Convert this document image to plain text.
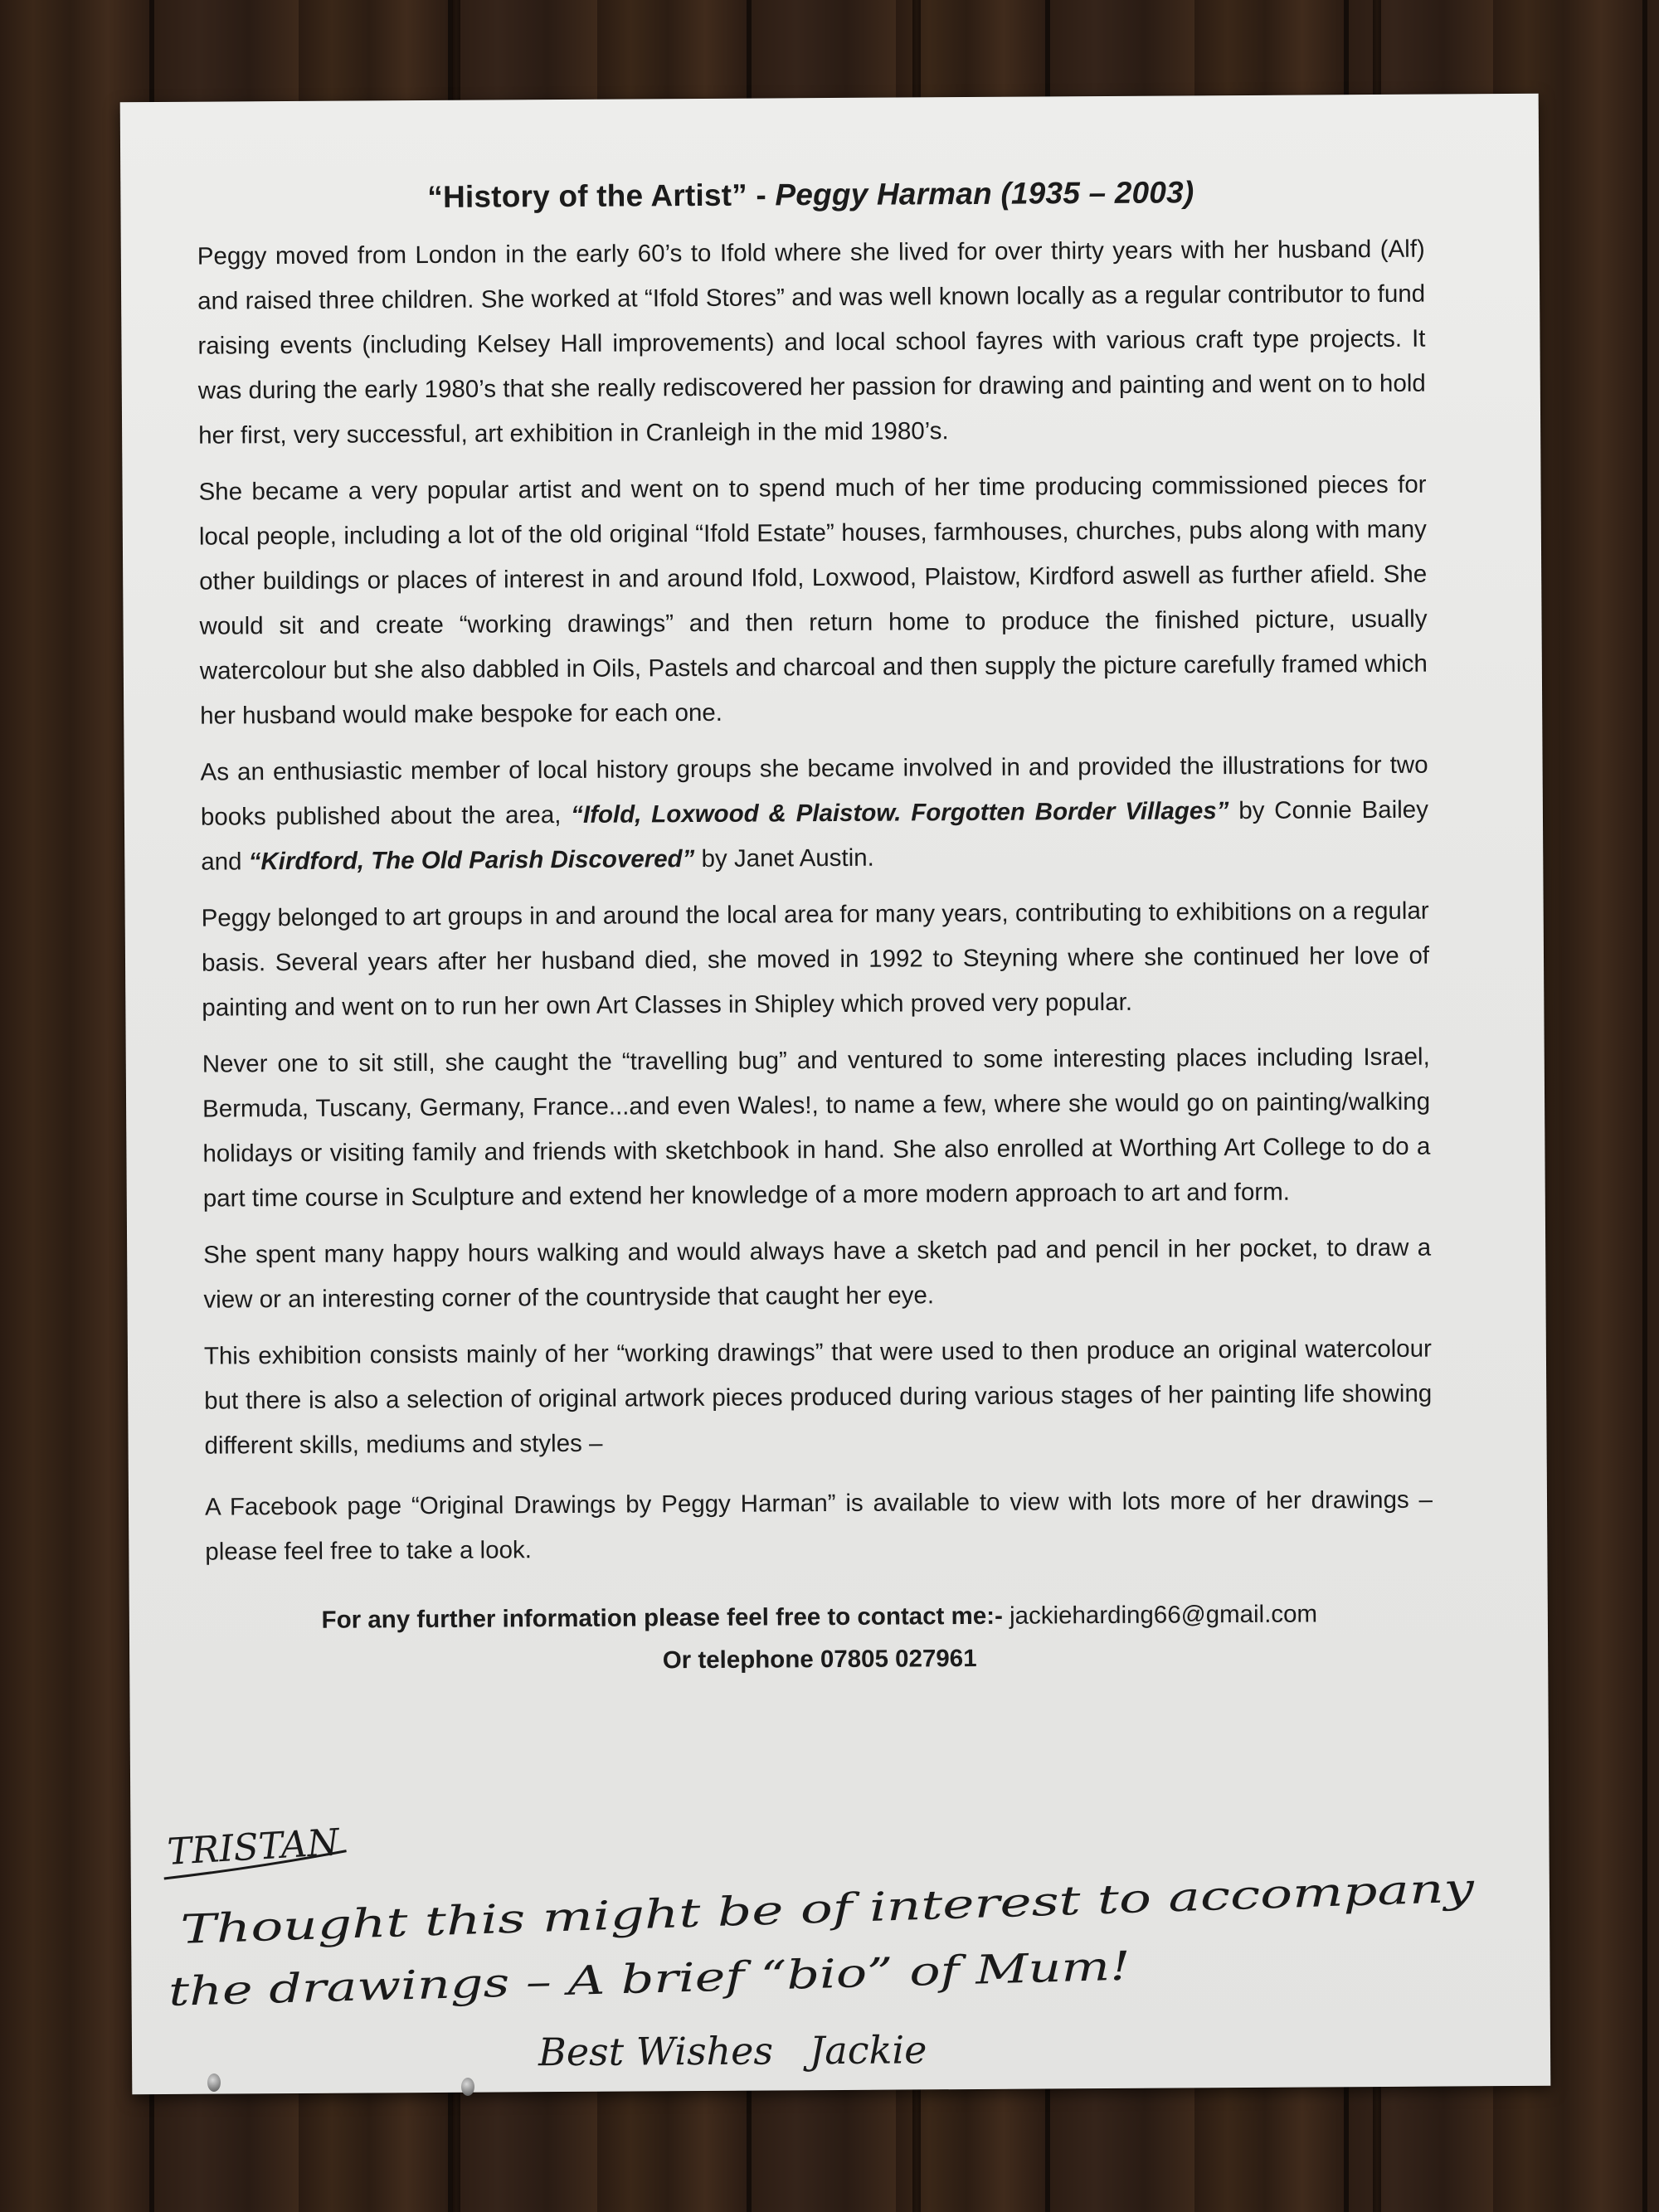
“History of the Artist” - Peggy Harman (1935 – 2003)

Peggy moved from London in the early 60’s to Ifold where she lived for over thirty years with her husband (Alf) and raised three children. She worked at “Ifold Stores” and was well known locally as a regular contributor to fund raising events (including Kelsey Hall improvements) and local school fayres with various craft type projects. It was during the early 1980’s that she really rediscovered her passion for drawing and painting and went on to hold her first, very successful, art exhibition in Cranleigh in the mid 1980’s.

She became a very popular artist and went on to spend much of her time producing commissioned pieces for local people, including a lot of the old original “Ifold Estate” houses, farmhouses, churches, pubs along with many other buildings or places of interest in and around Ifold, Loxwood, Plaistow, Kirdford aswell as further afield. She would sit and create “working drawings” and then return home to produce the finished picture, usually watercolour but she also dabbled in Oils, Pastels and charcoal and then supply the picture carefully framed which her husband would make bespoke for each one.

As an enthusiastic member of local history groups she became involved in and provided the illustrations for two books published about the area, “Ifold, Loxwood & Plaistow. Forgotten Border Villages” by Connie Bailey and “Kirdford, The Old Parish Discovered” by Janet Austin.

Peggy belonged to art groups in and around the local area for many years, contributing to exhibitions on a regular basis. Several years after her husband died, she moved in 1992 to Steyning where she continued her love of painting and went on to run her own Art Classes in Shipley which proved very popular.

Never one to sit still, she caught the “travelling bug” and ventured to some interesting places including Israel, Bermuda, Tuscany, Germany, France...and even Wales!, to name a few, where she would go on painting/walking holidays or visiting family and friends with sketchbook in hand. She also enrolled at Worthing Art College to do a part time course in Sculpture and extend her knowledge of a more modern approach to art and form.

She spent many happy hours walking and would always have a sketch pad and pencil in her pocket, to draw a view or an interesting corner of the countryside that caught her eye.

This exhibition consists mainly of her “working drawings” that were used to then produce an original watercolour but there is also a selection of original artwork pieces produced during various stages of her painting life showing different skills, mediums and styles –

A Facebook page “Original Drawings by Peggy Harman” is available to view with lots more of her drawings – please feel free to take a look.

For any further information please feel free to contact me:- jackieharding66@gmail.com
Or telephone 07805 027961
TRISTAN
Thought this might be of interest to accompany
the drawings – A brief “bio” of Mum!
Best Wishes   Jackie
